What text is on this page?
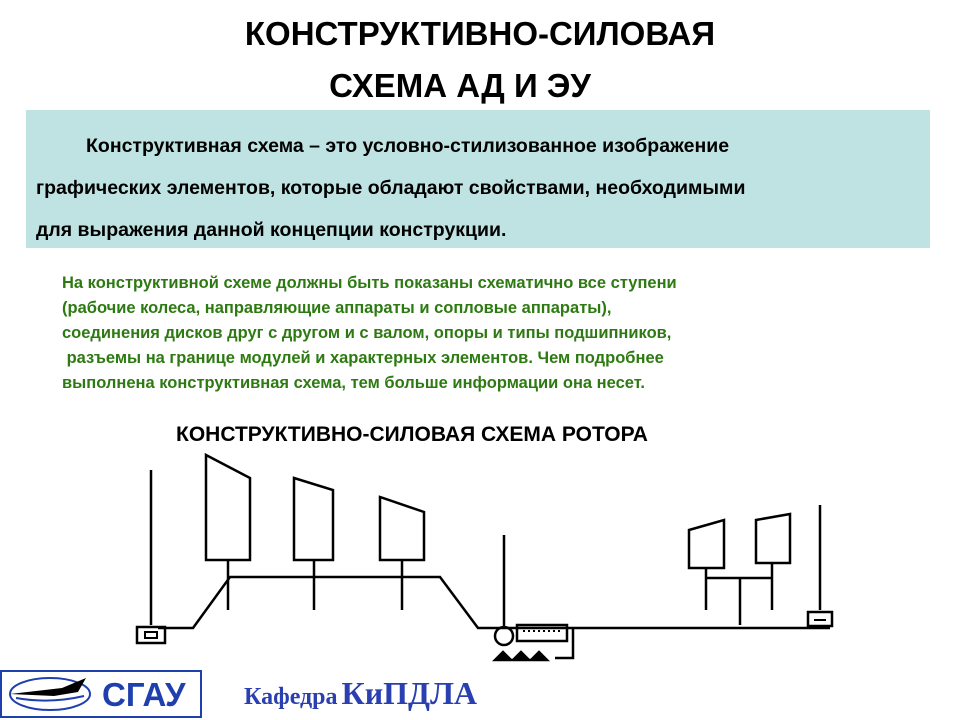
КОНСТРУКТИВНО-СИЛОВАЯ
СХЕМА АД И ЭУ
Конструктивная схема – это условно-стилизованное изображение
графических элементов, которые обладают свойствами, необходимыми
для выражения данной концепции конструкции.
На конструктивной схеме должны быть показаны схематично все ступени
(рабочие колеса, направляющие аппараты и сопловые аппараты),
соединения дисков друг с другом и с валом, опоры и типы подшипников,
разъемы на границе модулей и характерных элементов. Чем подробнее
выполнена конструктивная схема, тем больше информации она несет.
КОНСТРУКТИВНО-СИЛОВАЯ СХЕМА РОТОРА
СГАУ Кафедра КиПДЛА
